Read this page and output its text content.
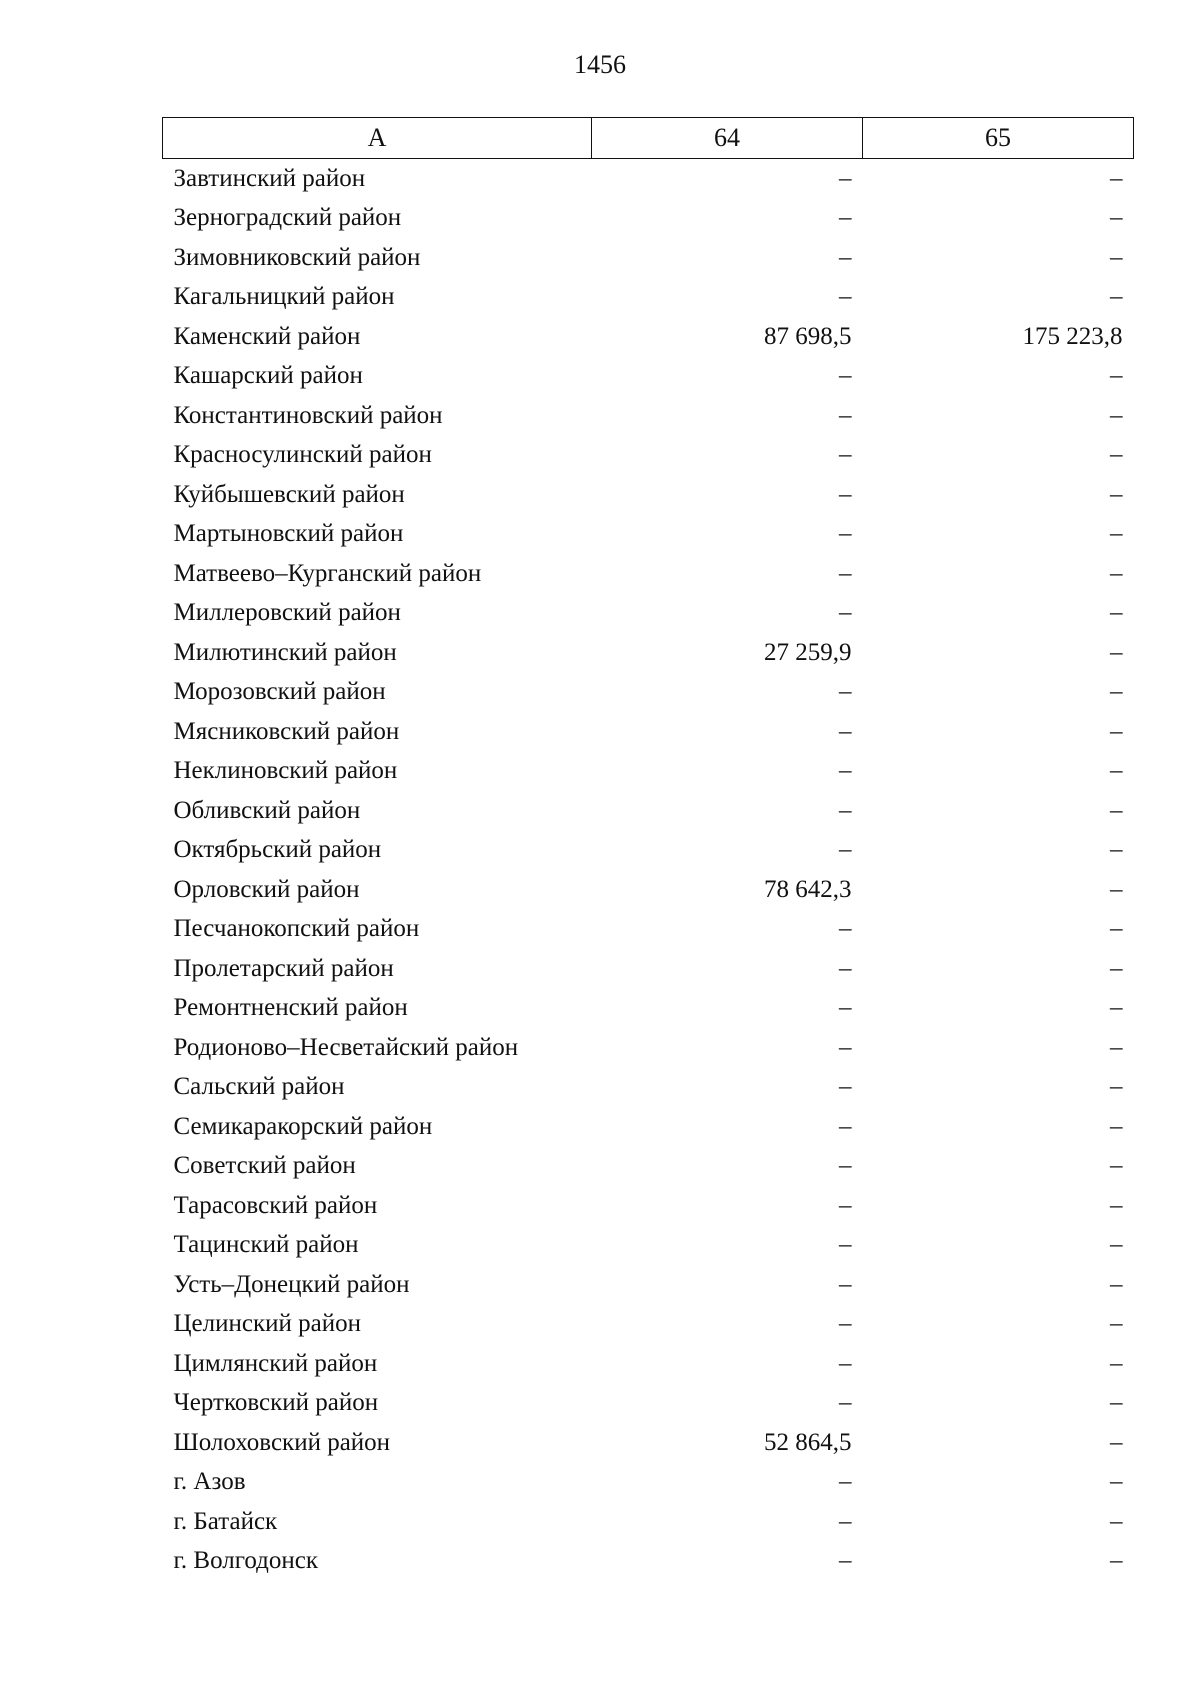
1456
А	64	65
Завтинский район	–	–
Зерноградский район	–	–
Зимовниковский район	–	–
Кагальницкий район	–	–
Каменский район	87 698,5	175 223,8
Кашарский район	–	–
Константиновский район	–	–
Красносулинский район	–	–
Куйбышевский район	–	–
Мартыновский район	–	–
Матвеево–Курганский район	–	–
Миллеровский район	–	–
Милютинский район	27 259,9	–
Морозовский район	–	–
Мясниковский район	–	–
Неклиновский район	–	–
Обливский район	–	–
Октябрьский район	–	–
Орловский район	78 642,3	–
Песчанокопский район	–	–
Пролетарский район	–	–
Ремонтненский район	–	–
Родионово–Несветайский район	–	–
Сальский район	–	–
Семикаракорский район	–	–
Советский район	–	–
Тарасовский район	–	–
Тацинский район	–	–
Усть–Донецкий район	–	–
Целинский район	–	–
Цимлянский район	–	–
Чертковский район	–	–
Шолоховский район	52 864,5	–
г. Азов	–	–
г. Батайск	–	–
г. Волгодонск	–	–
